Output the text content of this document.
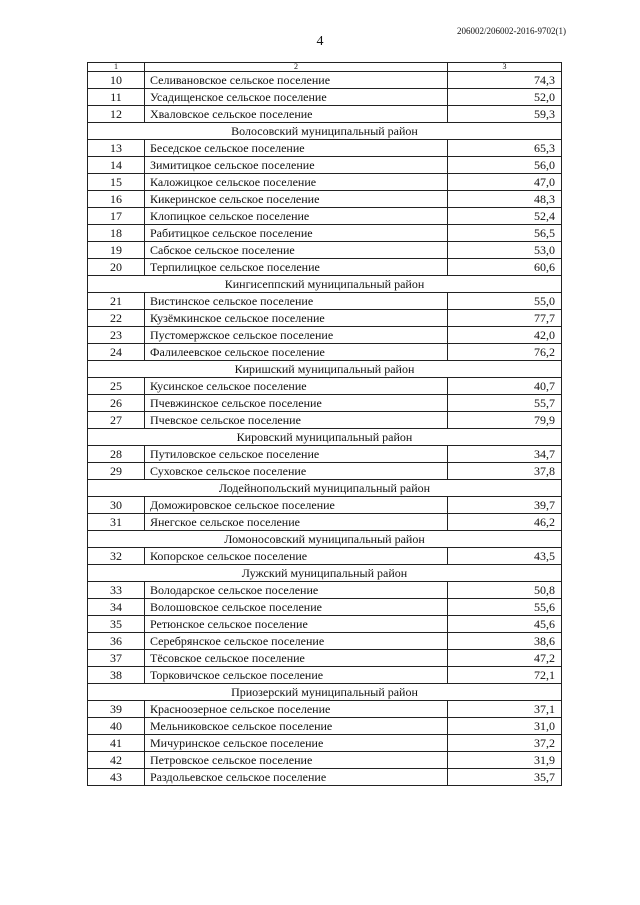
206002/206002-2016-9702(1)
4
1	2	3
10	Селивановское сельское поселение	74,3
11	Усадищенское сельское поселение	52,0
12	Хваловское сельское поселение	59,3
Волосовский муниципальный район		
13	Беседское сельское поселение	65,3
14	Зимитицкое сельское поселение	56,0
15	Каложицкое сельское поселение	47,0
16	Кикеринское сельское поселение	48,3
17	Клопицкое сельское поселение	52,4
18	Рабитицкое сельское поселение	56,5
19	Сабское сельское поселение	53,0
20	Терпилицкое сельское поселение	60,6
Кингисеппский муниципальный район		
21	Вистинское сельское поселение	55,0
22	Кузёмкинское сельское поселение	77,7
23	Пустомержское сельское поселение	42,0
24	Фалилеевское сельское поселение	76,2
Киришский муниципальный район		
25	Кусинское сельское поселение	40,7
26	Пчевжинское сельское поселение	55,7
27	Пчевское сельское поселение	79,9
Кировский муниципальный район		
28	Путиловское сельское поселение	34,7
29	Суховское сельское поселение	37,8
Лодейнопольский муниципальный район		
30	Доможировское сельское поселение	39,7
31	Янегское сельское поселение	46,2
Ломоносовский муниципальный район		
32	Копорское сельское поселение	43,5
Лужский муниципальный район		
33	Володарское сельское поселение	50,8
34	Волошовское сельское поселение	55,6
35	Ретюнское сельское поселение	45,6
36	Серебрянское сельское поселение	38,6
37	Тёсовское сельское поселение	47,2
38	Торковичское сельское поселение	72,1
Приозерский муниципальный район		
39	Красноозерное сельское поселение	37,1
40	Мельниковское сельское поселение	31,0
41	Мичуринское сельское поселение	37,2
42	Петровское сельское поселение	31,9
43	Раздольевское сельское поселение	35,7
